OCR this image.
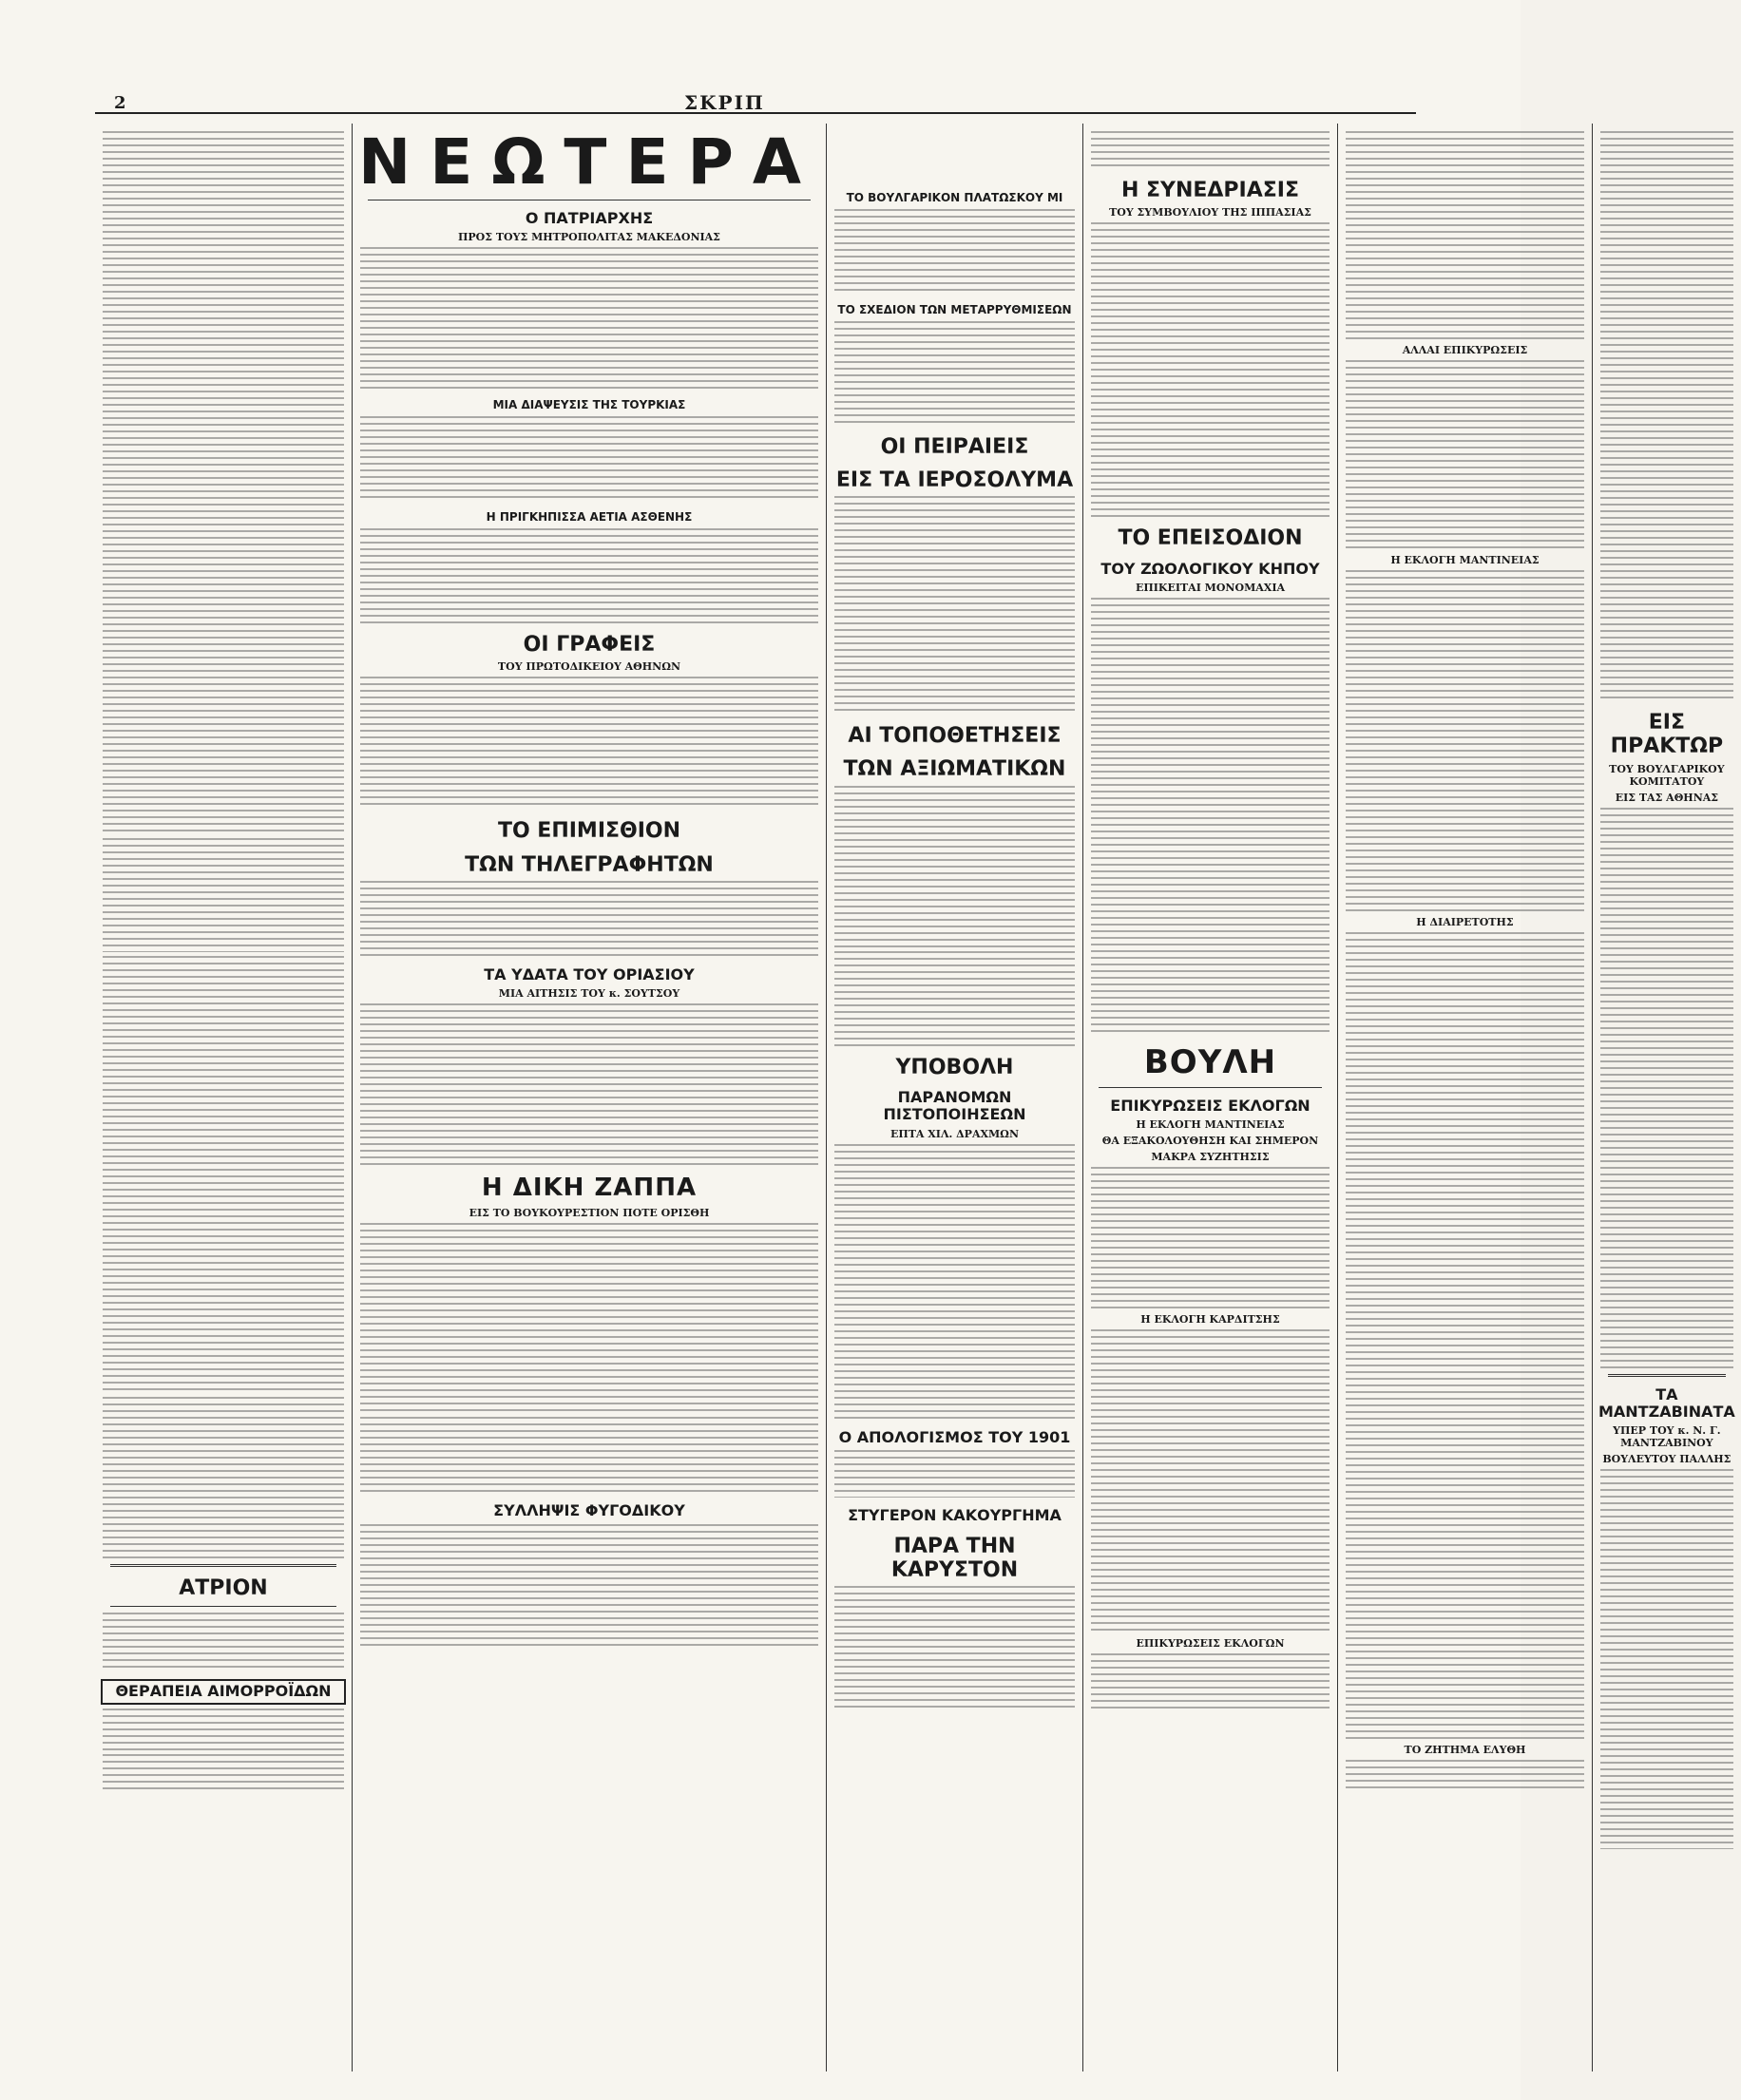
2	ΣΚΡΙΠ
ΑΤΡΙΟΝ
ΘΕΡΑΠΕΙΑ ΑΙΜΟΡΡΟΪΔΩΝ
ΝΕΩΤΕΡΑ
Ο ΠΑΤΡΙΑΡΧΗΣ
ΠΡΟΣ ΤΟΥΣ ΜΗΤΡΟΠΟΛΙΤΑΣ ΜΑΚΕΔΟΝΙΑΣ
ΜΙΑ ΔΙΑΨΕΥΣΙΣ ΤΗΣ ΤΟΥΡΚΙΑΣ
Η ΠΡΙΓΚΗΠΙΣΣΑ ΑΕΤΙΑ ΑΣΘΕΝΗΣ
ΟΙ ΓΡΑΦΕΙΣ
ΤΟΥ ΠΡΩΤΟΔΙΚΕΙΟΥ ΑΘΗΝΩΝ
ΤΟ ΕΠΙΜΙΣΘΙΟΝ
ΤΩΝ ΤΗΛΕΓΡΑΦΗΤΩΝ
ΤΑ ΥΔΑΤΑ ΤΟΥ ΟΡΙΑΣΙΟΥ
ΜΙΑ ΑΙΤΗΣΙΣ ΤΟΥ κ. ΣΟΥΤΣΟΥ
Η ΔΙΚΗ ΖΑΠΠΑ
ΕΙΣ ΤΟ ΒΟΥΚΟΥΡΕΣΤΙΟΝ ΠΟΤΕ ΟΡΙΣΘΗ
ΣΥΛΛΗΨΙΣ ΦΥΓΟΔΙΚΟΥ
ΤΟ ΒΟΥΛΓΑΡΙΚΟΝ ΠΛΑΤΩΣΚΟΥ ΜΙ
ΤΟ ΣΧΕΔΙΟΝ ΤΩΝ ΜΕΤΑΡΡΥΘΜΙΣΕΩΝ
ΟΙ ΠΕΙΡΑΙΕΙΣ
ΕΙΣ ΤΑ ΙΕΡΟΣΟΛΥΜΑ
ΑΙ ΤΟΠΟΘΕΤΗΣΕΙΣ
ΤΩΝ ΑΞΙΩΜΑΤΙΚΩΝ
ΥΠΟΒΟΛΗ
ΠΑΡΑΝΟΜΩΝ ΠΙΣΤΟΠΟΙΗΣΕΩΝ
ΕΠΤΑ ΧΙΛ. ΔΡΑΧΜΩΝ
Ο ΑΠΟΛΟΓΙΣΜΟΣ ΤΟΥ 1901
ΣΤΥΓΕΡΟΝ ΚΑΚΟΥΡΓΗΜΑ
ΠΑΡΑ ΤΗΝ ΚΑΡΥΣΤΟΝ
Η ΣΥΝΕΔΡΙΑΣΙΣ
ΤΟΥ ΣΥΜΒΟΥΛΙΟΥ ΤΗΣ ΙΠΠΑΣΙΑΣ
ΤΟ ΕΠΕΙΣΟΔΙΟΝ
ΤΟΥ ΖΩΟΛΟΓΙΚΟΥ ΚΗΠΟΥ
ΕΠΙΚΕΙΤΑΙ ΜΟΝΟΜΑΧΙΑ
ΒΟΥΛΗ
ΕΠΙΚΥΡΩΣΕΙΣ ΕΚΛΟΓΩΝ
Η ΕΚΛΟΓΗ ΜΑΝΤΙΝΕΙΑΣ
ΘΑ ΕΞΑΚΟΛΟΥΘΗΣΗ ΚΑΙ ΣΗΜΕΡΟΝ
ΜΑΚΡΑ ΣΥΖΗΤΗΣΙΣ
Η ΕΚΛΟΓΗ ΚΑΡΔΙΤΣΗΣ
ΕΠΙΚΥΡΩΣΕΙΣ ΕΚΛΟΓΩΝ
ΑΛΛΑΙ ΕΠΙΚΥΡΩΣΕΙΣ
Η ΕΚΛΟΓΗ ΜΑΝΤΙΝΕΙΑΣ
Η ΔΙΑΙΡΕΤΟΤΗΣ
ΤΟ ΖΗΤΗΜΑ ΕΛΥΘΗ
ΕΙΣ ΠΡΑΚΤΩΡ
ΤΟΥ ΒΟΥΛΓΑΡΙΚΟΥ ΚΟΜΙΤΑΤΟΥ
ΕΙΣ ΤΑΣ ΑΘΗΝΑΣ
ΤΑ ΜΑΝΤΖΑΒΙΝΑΤΑ
ΥΠΕΡ ΤΟΥ κ. Ν. Γ. ΜΑΝΤΖΑΒΙΝΟΥ
ΒΟΥΛΕΥΤΟΥ ΠΑΛΛΗΣ
